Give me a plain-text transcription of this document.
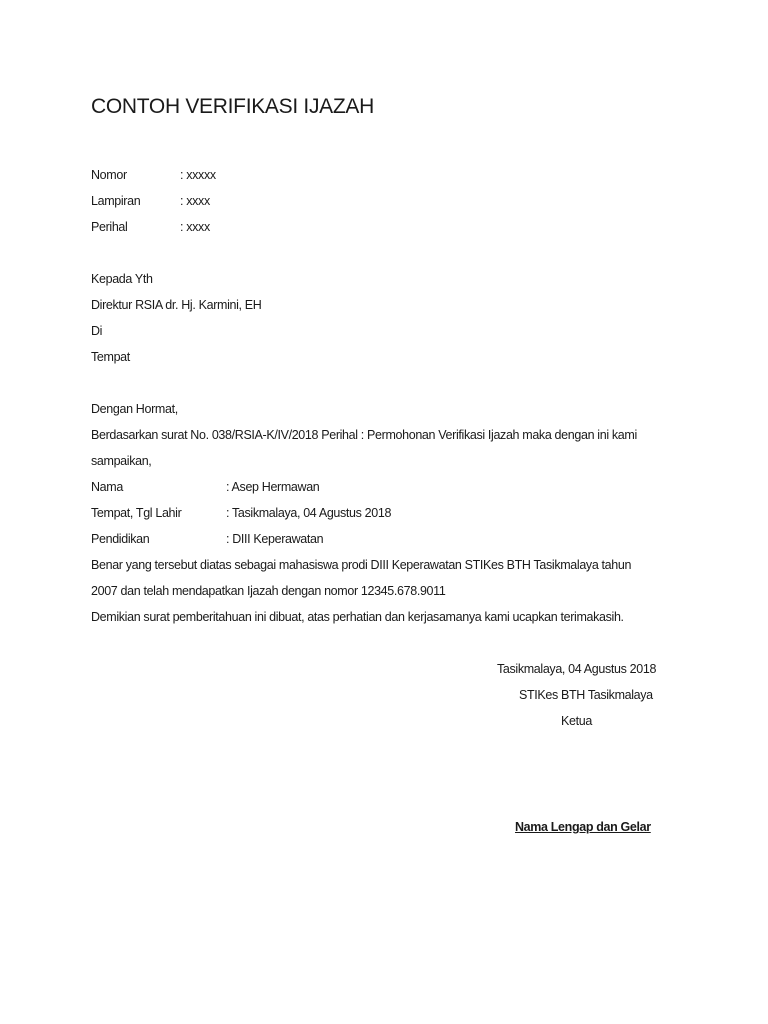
CONTOH VERIFIKASI IJAZAH
Nomor	: xxxxx
Lampiran	: xxxx
Perihal	: xxxx
Kepada Yth
Direktur RSIA dr. Hj. Karmini, EH
Di
Tempat
Dengan Hormat,
Berdasarkan surat No. 038/RSIA-K/IV/2018 Perihal : Permohonan Verifikasi Ijazah maka dengan ini kami
sampaikan,
Nama	: Asep Hermawan
Tempat, Tgl Lahir	: Tasikmalaya, 04 Agustus 2018
Pendidikan	: DIII Keperawatan
Benar yang tersebut diatas sebagai mahasiswa prodi DIII Keperawatan STIKes BTH Tasikmalaya tahun
2007 dan telah mendapatkan Ijazah dengan nomor 12345.678.9011
Demikian surat pemberitahuan ini dibuat, atas perhatian dan kerjasamanya kami ucapkan terimakasih.
Tasikmalaya, 04 Agustus 2018
STIKes BTH Tasikmalaya
Ketua
Nama Lengap dan Gelar
